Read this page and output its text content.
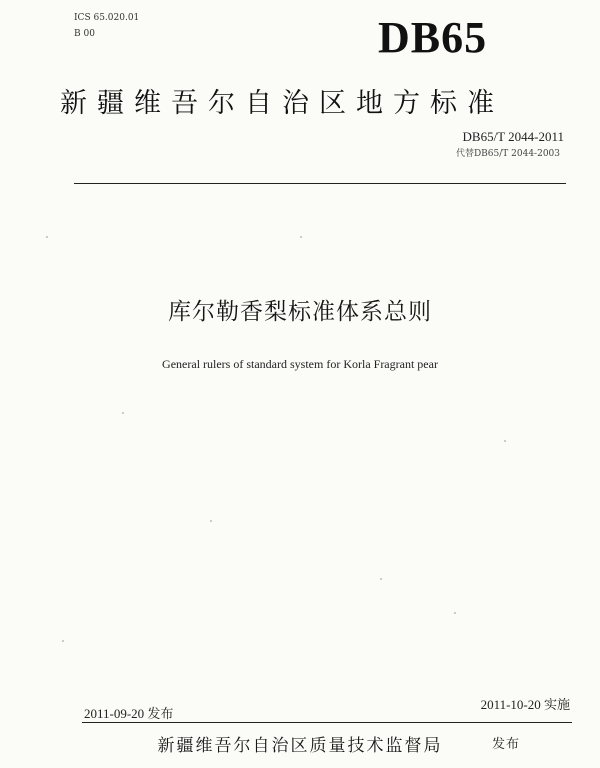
ICS 65.020.01
B 00	DB65
新疆维吾尔自治区地方标准
DB65/T 2044-2011
代替DB65/T 2044-2003
库尔勒香梨标准体系总则
General rulers of standard system for Korla Fragrant pear
2011-09-20 发布
2011-10-20 实施
新疆维吾尔自治区质量技术监督局	发布
